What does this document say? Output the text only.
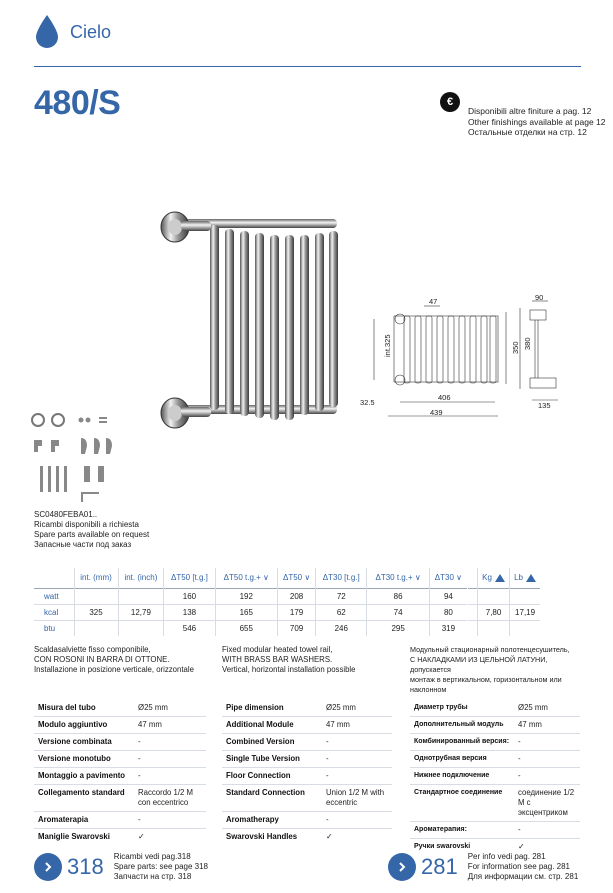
Cielo
480/S	€
Disponibili altre finiture a pag. 12
Other finishings available at page 12
Остальные отделки на стр. 12
47
int.325	350
32.5
406
439
380
90
135
SC0480FEBA01..
Ricambi disponibili a richiesta
Spare parts available on request
Запасные части под заказ
	int. (mm)	int. (inch)	ΔT50 [t.g.]	ΔT50 t.g.+ ∨	ΔT50 ∨	ΔT30 [t.g.]	ΔT30 t.g.+ ∨	ΔT30 ∨		Kg	Lb
watt			160	192	208	72	86	94			
kcal	325	12,79	138	165	179	62	74	80		7,80	17,19
btu			546	655	709	246	295	319			
Scaldasalviette fisso componibile,
CON ROSONI IN BARRA DI OTTONE.
Installazione in posizione verticale, orizzontale
Fixed modular heated towel rail,
WITH BRASS BAR WASHERS.
Vertical, horizontal installation possible
Модульный стационарный полотенцесушитель,
С НАКЛАДКАМИ ИЗ ЦЕЛЬНОЙ ЛАТУНИ, допускается
монтаж в вертикальном, горизонтальном или
наклонном
Misura del tubo	Ø25 mm
Modulo aggiuntivo	47 mm
Versione combinata	-
Versione monotubo	-
Montaggio a pavimento	-
Collegamento standard	Raccordo 1/2 M con eccentrico
Aromaterapia	-
Maniglie Swarovski	✓
Pipe dimension	Ø25 mm
Additional Module	47 mm
Combined Version	-
Single Tube Version	-
Floor Connection	-
Standard Connection	Union 1/2 M with eccentric
Aromatherapy	-
Swarovski Handles	✓
Диаметр трубы	Ø25 mm
Дополнительный модуль	47 mm
Комбинированный версия:	-
Однотрубная версия	-
Нижнее подключение	-
Стандартное соединение	соединение 1/2 M с эксцентриком
Ароматерапия:	-
Ручки swarovski	✓
318 Ricambi vedi pag.318
Spare parts: see page 318
Запчасти на стр. 318	281 Per info vedi pag. 281
For information see pag. 281
Для информации см. стр. 281
